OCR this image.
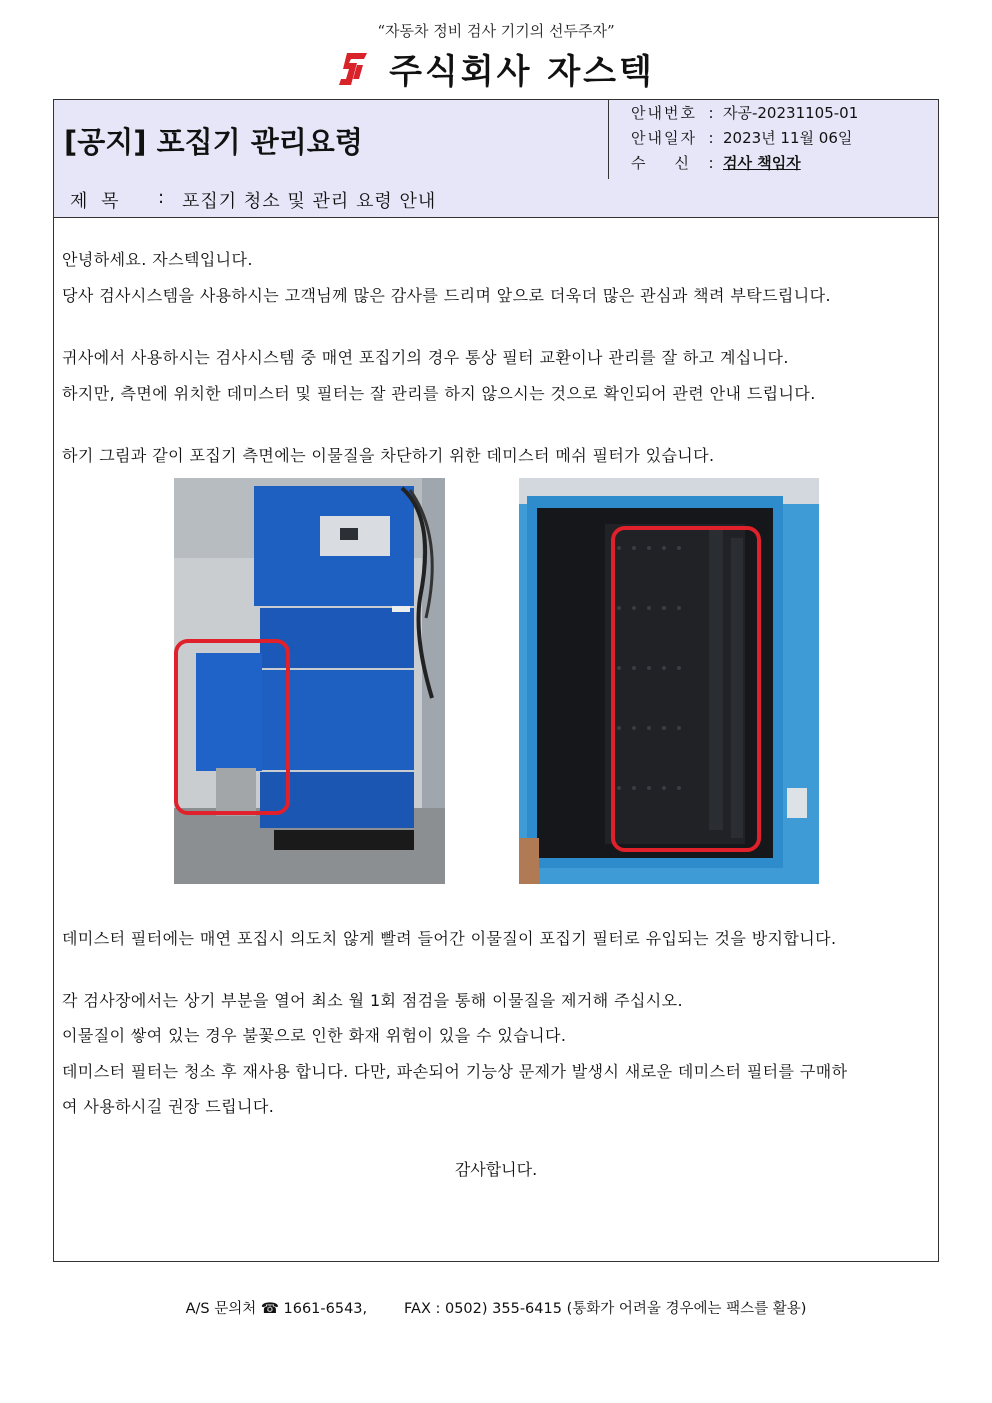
“자동차 정비 검사 기기의 선두주자”
주식회사 자스텍
[공지] 포집기 관리요령
안내번호 : 자공-20231105-01
안내일자 : 2023년 11월 06일
수    신 : 검사 책임자
제 목 : 포집기 청소 및 관리 요령 안내

안녕하세요. 자스텍입니다.

당사 검사시스템을 사용하시는 고객님께 많은 감사를 드리며 앞으로 더욱더 많은 관심과 책려 부탁드립니다.

귀사에서 사용하시는 검사시스템 중 매연 포집기의 경우 통상 필터 교환이나 관리를 잘 하고 계십니다.

하지만, 측면에 위치한 데미스터 및 필터는 잘 관리를 하지 않으시는 것으로 확인되어 관련 안내 드립니다.

하기 그림과 같이 포집기 측면에는 이물질을 차단하기 위한 데미스터 메쉬 필터가 있습니다.

데미스터 필터에는 매연 포집시 의도치 않게 빨려 들어간 이물질이 포집기 필터로 유입되는 것을 방지합니다.

각 검사장에서는 상기 부분을 열어 최소 월 1회 점검을 통해 이물질을 제거해 주십시오.

이물질이 쌓여 있는 경우 불꽃으로 인한 화재 위험이 있을 수 있습니다.

데미스터 필터는 청소 후 재사용 합니다. 다만, 파손되어 기능상 문제가 발생시 새로운 데미스터 필터를 구매하

여 사용하시길 권장 드립니다.

감사합니다.
A/S 문의처 ☎ 1661-6543,        FAX : 0502) 355-6415 (통화가 어려울 경우에는 팩스를 활용)
